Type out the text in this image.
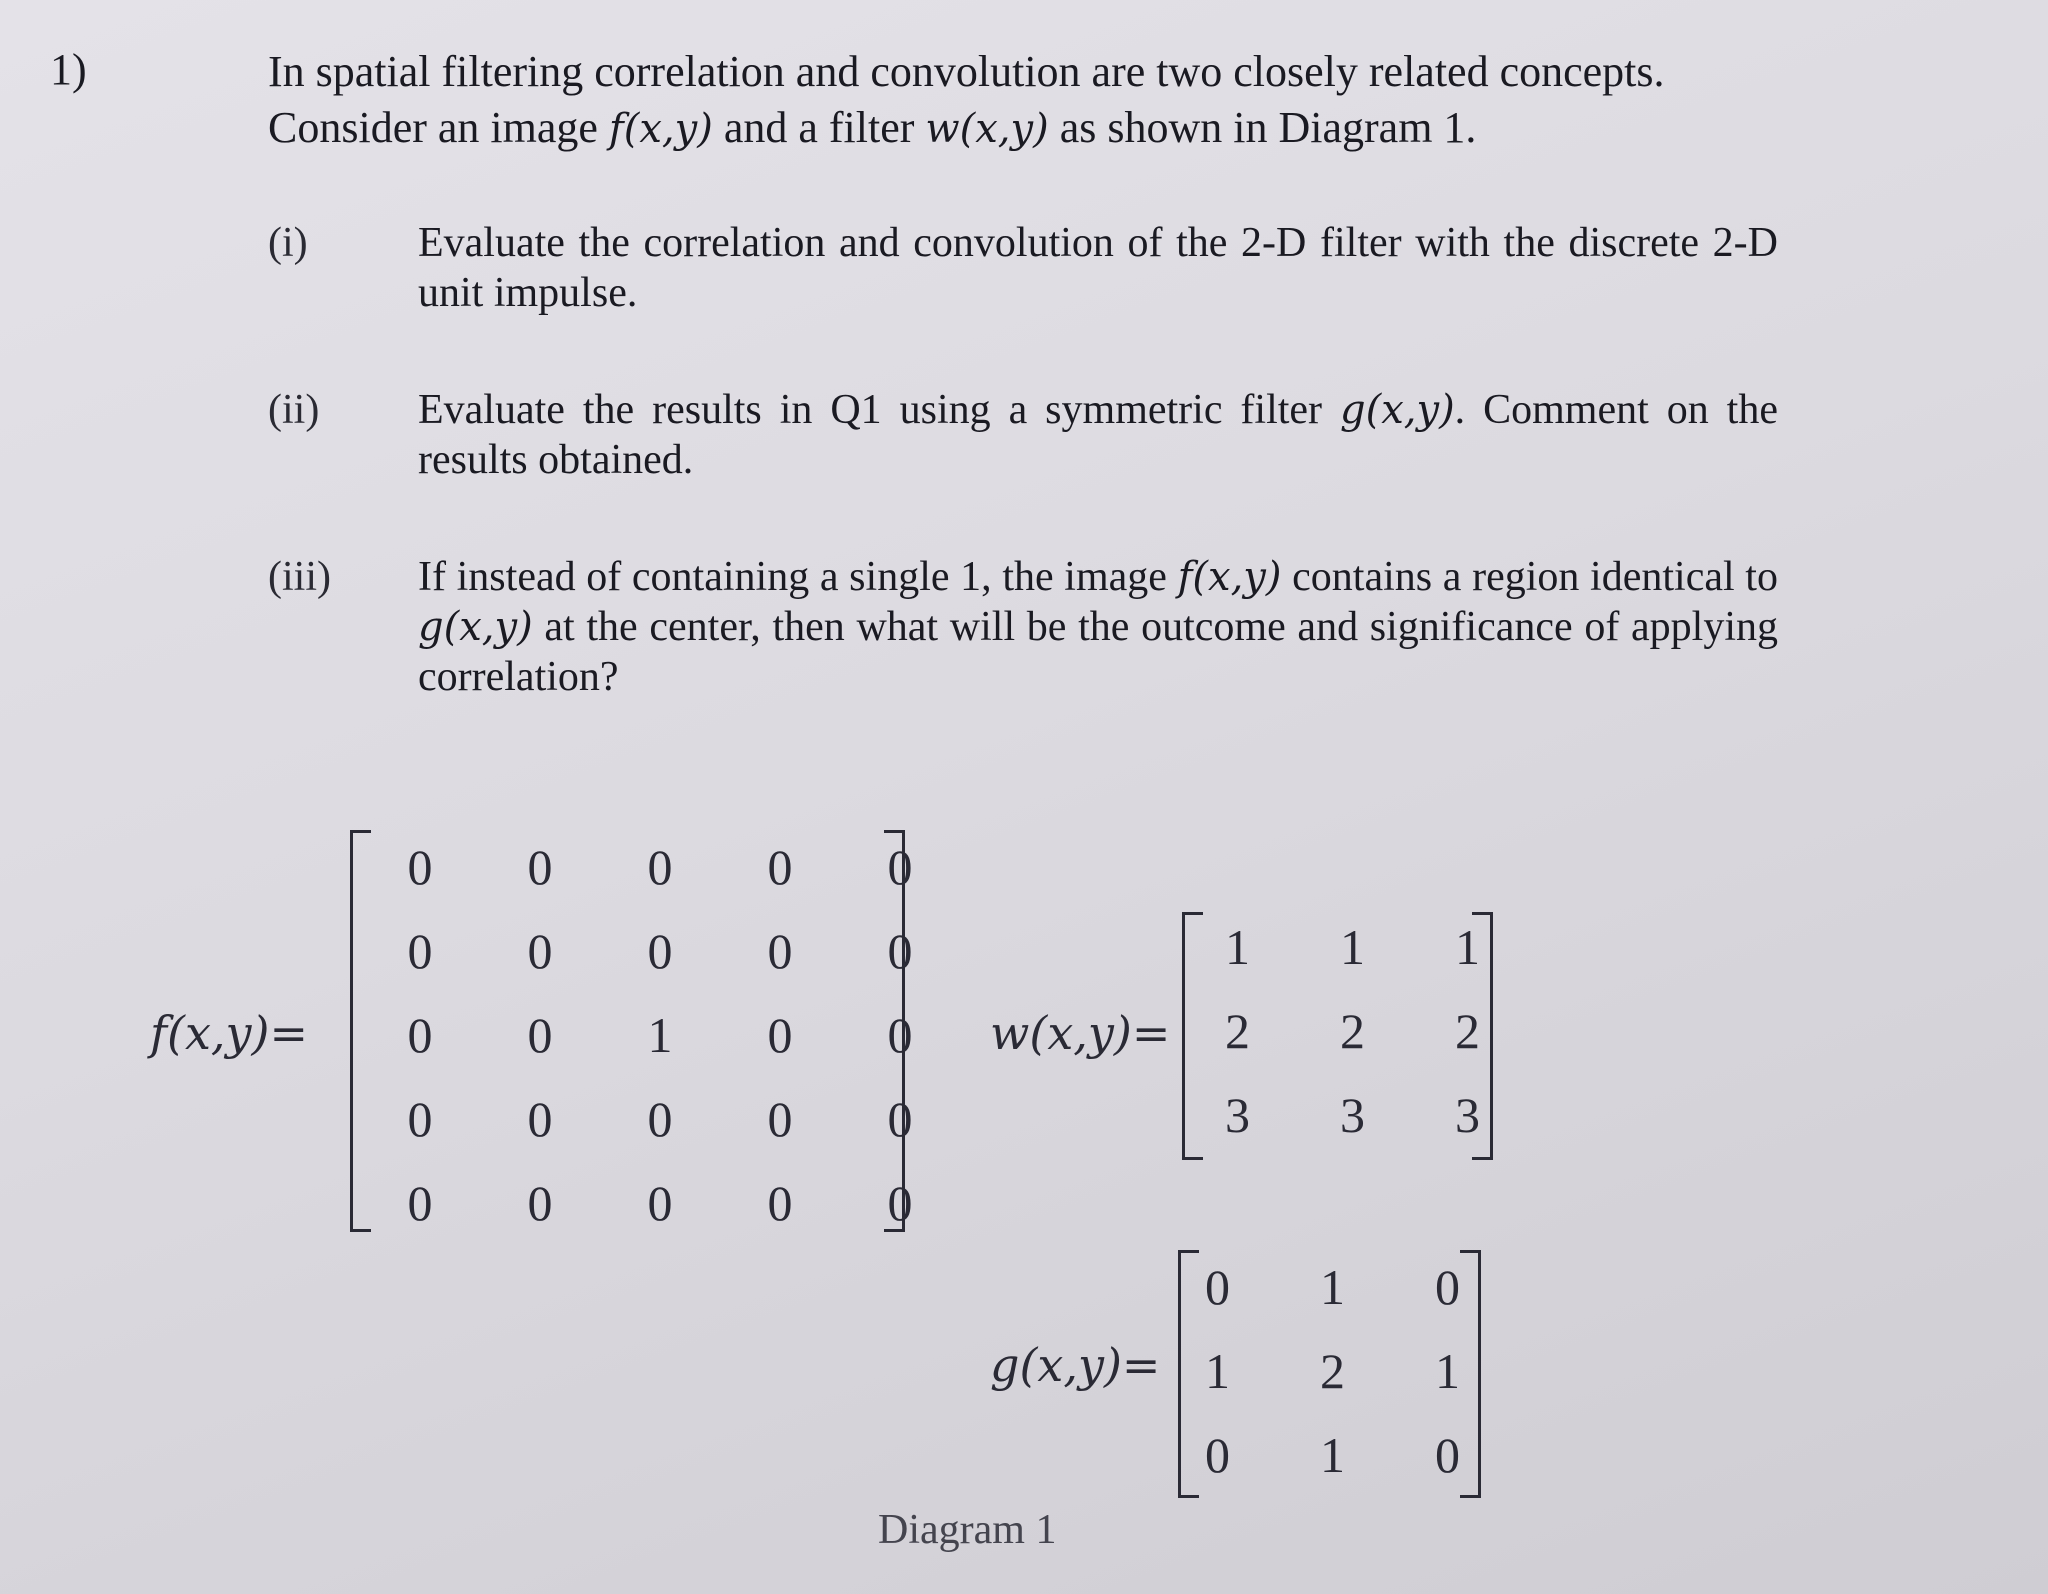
1)	In spatial filtering correlation and convolution are two closely related concepts.

Consider an image f(x,y) and a filter w(x,y) as shown in Diagram 1.

(i)	Evaluate the correlation and convolution of the 2-D filter with the discrete 2-D unit impulse.
(ii) Evaluate the results in Q1 using a symmetric filter g(x,y). Comment on the results obtained.
(iii) If instead of containing a single 1, the image f(x,y) contains a region identical to g(x,y) at the center, then what will be the outcome and significance of applying correlation?
f(x,y)=
0	0	0	0	0
0	0	0	0	0
0	0	1	0	0
0	0	0	0	0
0	0	0	0	0
w(x,y)=
1	1	1
2	2	2
3	3	3
g(x,y)=
0	1	0
1	2	1
0	1	0
Diagram 1
